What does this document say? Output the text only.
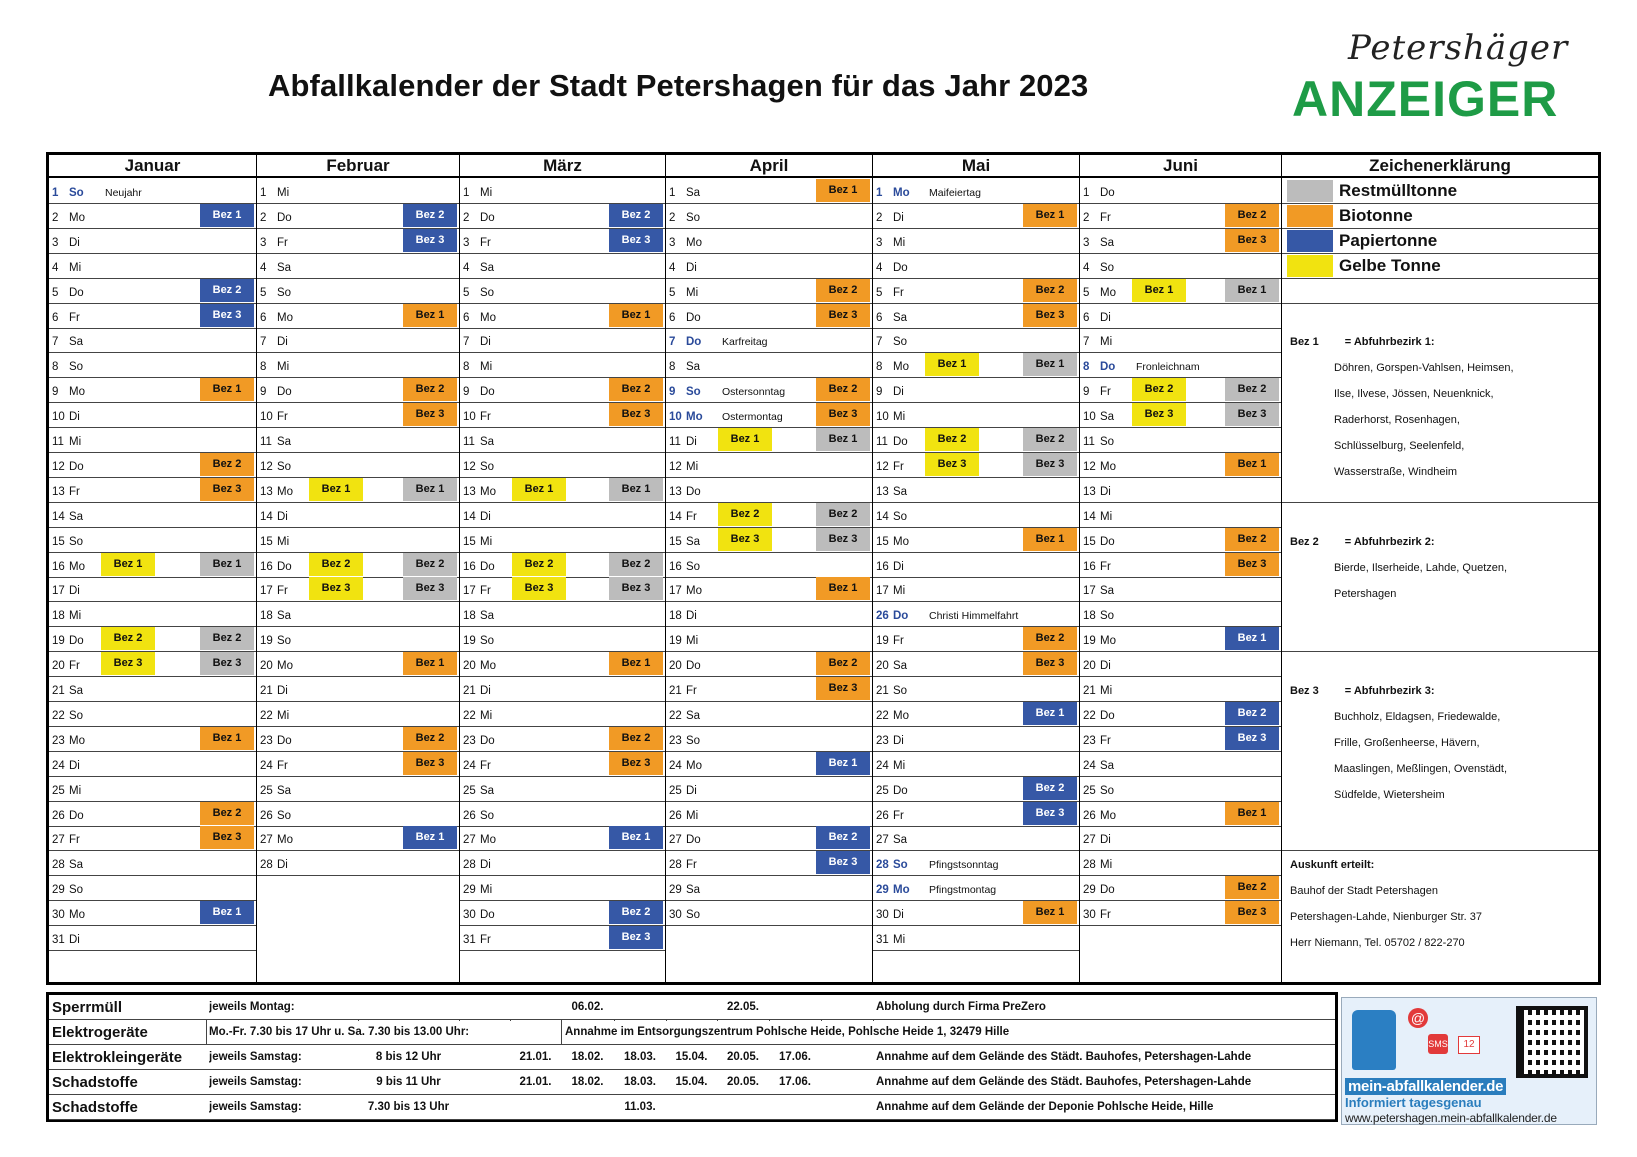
Abfallkalender der Stadt Petershagen für das Jahr 2023
Petershäger
ANZEIGER
Januar
1 So Neujahr
2 Mo	Bez 1
3 Di
4 Mi
5 Do	Bez 2
6 Fr	Bez 3
7 Sa
8 So
9 Mo	Bez 1
10 Di
11 Mi
12 Do	Bez 2
13 Fr	Bez 3
14 Sa
15 So
16 Mo	Bez 1	Bez 1
17 Di
18 Mi
19 Do	Bez 2	Bez 2
20 Fr	Bez 3	Bez 3
21 Sa
22 So
23 Mo	Bez 1
24 Di
25 Mi
26 Do	Bez 2
27 Fr	Bez 3
28 Sa
29 So
30 Mo	Bez 1
31 Di
Februar
1 Mi
2 Do	Bez 2
3 Fr	Bez 3
4 Sa
5 So
6 Mo	Bez 1
7 Di
8 Mi
9 Do	Bez 2
10 Fr	Bez 3
11 Sa
12 So
13 Mo	Bez 1	Bez 1
14 Di
15 Mi
16 Do	Bez 2	Bez 2
17 Fr	Bez 3	Bez 3
18 Sa
19 So
20 Mo	Bez 1
21 Di
22 Mi
23 Do	Bez 2
24 Fr	Bez 3
25 Sa
26 So
27 Mo	Bez 1
28 Di
März
1 Mi
2 Do	Bez 2
3 Fr	Bez 3
4 Sa
5 So
6 Mo	Bez 1
7 Di
8 Mi
9 Do	Bez 2
10 Fr	Bez 3
11 Sa
12 So
13 Mo	Bez 1	Bez 1
14 Di
15 Mi
16 Do	Bez 2	Bez 2
17 Fr	Bez 3	Bez 3
18 Sa
19 So
20 Mo	Bez 1
21 Di
22 Mi
23 Do	Bez 2
24 Fr	Bez 3
25 Sa
26 So
27 Mo	Bez 1
28 Di
29 Mi
30 Do	Bez 2
31 Fr	Bez 3
April
1 Sa	Bez 1
2 So
3 Mo
4 Di
5 Mi	Bez 2
6 Do	Bez 3
7 Do Karfreitag
8 Sa
9 So Ostersonntag	Bez 2
10 Mo Ostermontag	Bez 3
11 Di	Bez 1	Bez 1
12 Mi
13 Do
14 Fr	Bez 2	Bez 2
15 Sa	Bez 3	Bez 3
16 So
17 Mo	Bez 1
18 Di
19 Mi
20 Do	Bez 2
21 Fr	Bez 3
22 Sa
23 So
24 Mo	Bez 1
25 Di
26 Mi
27 Do	Bez 2
28 Fr	Bez 3
29 Sa
30 So
Mai
1 Mo Maifeiertag
2 Di	Bez 1
3 Mi
4 Do
5 Fr	Bez 2
6 Sa	Bez 3
7 So
8 Mo	Bez 1	Bez 1
9 Di
10 Mi
11 Do	Bez 2	Bez 2
12 Fr	Bez 3	Bez 3
13 Sa
14 So
15 Mo	Bez 1
16 Di
17 Mi
26 Do Christi Himmelfahrt
19 Fr	Bez 2
20 Sa	Bez 3
21 So
22 Mo	Bez 1
23 Di
24 Mi
25 Do	Bez 2
26 Fr	Bez 3
27 Sa
28 So Pfingstsonntag
29 Mo Pfingstmontag
30 Di	Bez 1
31 Mi
Juni
1 Do
2 Fr	Bez 2
3 Sa	Bez 3
4 So
5 Mo	Bez 1	Bez 1
6 Di
7 Mi
8 Do Fronleichnam
9 Fr	Bez 2	Bez 2
10 Sa	Bez 3	Bez 3
11 So
12 Mo	Bez 1
13 Di
14 Mi
15 Do	Bez 2
16 Fr	Bez 3
17 Sa
18 So
19 Mo	Bez 1
20 Di
21 Mi
22 Do	Bez 2
23 Fr	Bez 3
24 Sa
25 So
26 Mo	Bez 1
27 Di
28 Mi
29 Do	Bez 2
30 Fr	Bez 3
Zeichenerklärung
Restmülltonne
Biotonne
Papiertonne
Gelbe Tonne
Bez 1 = Abfuhrbezirk 1:
Döhren, Gorspen-Vahlsen, Heimsen,
Ilse, Ilvese, Jössen, Neuenknick,
Raderhorst, Rosenhagen,
Schlüsselburg, Seelenfeld,
Wasserstraße, Windheim
Bez 2 = Abfuhrbezirk 2:
Bierde, Ilserheide, Lahde, Quetzen,
Petershagen
Bez 3 = Abfuhrbezirk 3:
Buchholz, Eldagsen, Friedewalde,
Frille, Großenheerse, Hävern,
Maaslingen, Meßlingen, Ovenstädt,
Südfelde, Wietersheim
Auskunft erteilt:
Bauhof der Stadt Petershagen
Petershagen-Lahde, Nienburger Str. 37
Herr Niemann, Tel. 05702 / 822-270
Sperrmüll	jeweils Montag:	06.02.	22.05.	Abholung durch Firma PreZero
Elektrogeräte	Mo.-Fr. 7.30 bis 17 Uhr u. Sa. 7.30 bis 13.00 Uhr:	Annahme im Entsorgungszentrum Pohlsche Heide, Pohlsche Heide 1, 32479 Hille
Elektrokleingeräte jeweils Samstag:	8 bis 12 Uhr	21.01.	18.02.	18.03.	15.04.	20.05.	17.06.	Annahme auf dem Gelände des Städt. Bauhofes, Petershagen-Lahde
Schadstoffe	jeweils Samstag:	9 bis 11 Uhr	21.01.	18.02.	18.03.	15.04.	20.05.	17.06.	Annahme auf dem Gelände des Städt. Bauhofes, Petershagen-Lahde
Schadstoffe	jeweils Samstag:	7.30 bis 13 Uhr	11.03.	Annahme auf dem Gelände der Deponie Pohlsche Heide, Hille
@
SMS	12
mein-abfallkalender.de
Informiert tagesgenau
www.petershagen.mein-abfallkalender.de
